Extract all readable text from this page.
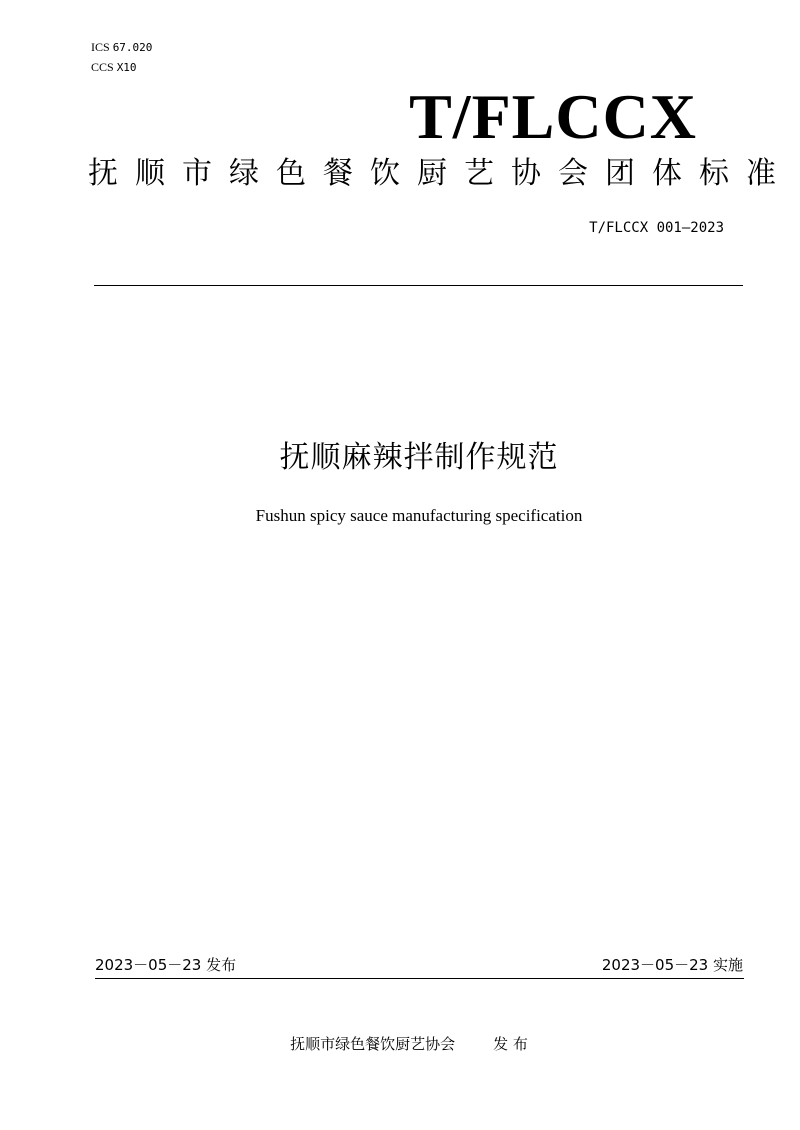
ICS 67.020
CCS X10
T/FLCCX
抚顺市绿色餐饮厨艺协会团体标准
T/FLCCX 001—2023
抚顺麻辣拌制作规范
Fushun spicy sauce manufacturing specification
2023－05－23 发布	2023－05－23 实施
抚顺市绿色餐饮厨艺协会	发 布
